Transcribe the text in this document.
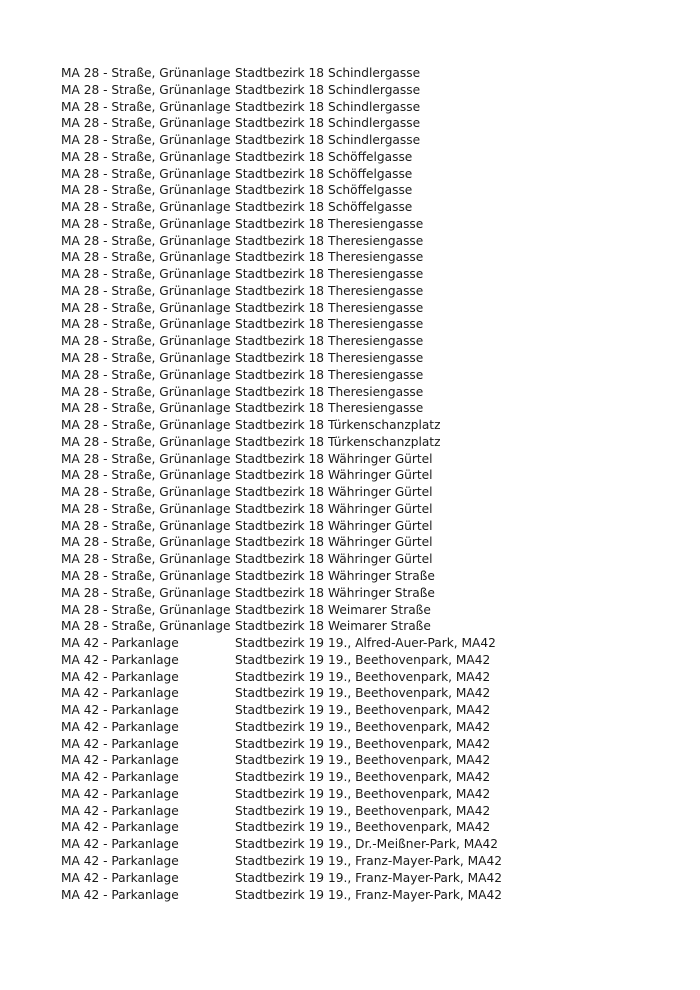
MA 28 - Straße, Grünanlage Stadtbezirk 18 Schindlergasse
MA 28 - Straße, Grünanlage Stadtbezirk 18 Schindlergasse
MA 28 - Straße, Grünanlage Stadtbezirk 18 Schindlergasse
MA 28 - Straße, Grünanlage Stadtbezirk 18 Schindlergasse
MA 28 - Straße, Grünanlage Stadtbezirk 18 Schindlergasse
MA 28 - Straße, Grünanlage Stadtbezirk 18 Schöffelgasse
MA 28 - Straße, Grünanlage Stadtbezirk 18 Schöffelgasse
MA 28 - Straße, Grünanlage Stadtbezirk 18 Schöffelgasse
MA 28 - Straße, Grünanlage Stadtbezirk 18 Schöffelgasse
MA 28 - Straße, Grünanlage Stadtbezirk 18 Theresiengasse
MA 28 - Straße, Grünanlage Stadtbezirk 18 Theresiengasse
MA 28 - Straße, Grünanlage Stadtbezirk 18 Theresiengasse
MA 28 - Straße, Grünanlage Stadtbezirk 18 Theresiengasse
MA 28 - Straße, Grünanlage Stadtbezirk 18 Theresiengasse
MA 28 - Straße, Grünanlage Stadtbezirk 18 Theresiengasse
MA 28 - Straße, Grünanlage Stadtbezirk 18 Theresiengasse
MA 28 - Straße, Grünanlage Stadtbezirk 18 Theresiengasse
MA 28 - Straße, Grünanlage Stadtbezirk 18 Theresiengasse
MA 28 - Straße, Grünanlage Stadtbezirk 18 Theresiengasse
MA 28 - Straße, Grünanlage Stadtbezirk 18 Theresiengasse
MA 28 - Straße, Grünanlage Stadtbezirk 18 Theresiengasse
MA 28 - Straße, Grünanlage Stadtbezirk 18 Türkenschanzplatz
MA 28 - Straße, Grünanlage Stadtbezirk 18 Türkenschanzplatz
MA 28 - Straße, Grünanlage Stadtbezirk 18 Währinger Gürtel
MA 28 - Straße, Grünanlage Stadtbezirk 18 Währinger Gürtel
MA 28 - Straße, Grünanlage Stadtbezirk 18 Währinger Gürtel
MA 28 - Straße, Grünanlage Stadtbezirk 18 Währinger Gürtel
MA 28 - Straße, Grünanlage Stadtbezirk 18 Währinger Gürtel
MA 28 - Straße, Grünanlage Stadtbezirk 18 Währinger Gürtel
MA 28 - Straße, Grünanlage Stadtbezirk 18 Währinger Gürtel
MA 28 - Straße, Grünanlage Stadtbezirk 18 Währinger Straße
MA 28 - Straße, Grünanlage Stadtbezirk 18 Währinger Straße
MA 28 - Straße, Grünanlage Stadtbezirk 18 Weimarer Straße
MA 28 - Straße, Grünanlage Stadtbezirk 18 Weimarer Straße
MA 42 - Parkanlage	Stadtbezirk 19 19., Alfred-Auer-Park, MA42
MA 42 - Parkanlage	Stadtbezirk 19 19., Beethovenpark, MA42
MA 42 - Parkanlage	Stadtbezirk 19 19., Beethovenpark, MA42
MA 42 - Parkanlage	Stadtbezirk 19 19., Beethovenpark, MA42
MA 42 - Parkanlage	Stadtbezirk 19 19., Beethovenpark, MA42
MA 42 - Parkanlage	Stadtbezirk 19 19., Beethovenpark, MA42
MA 42 - Parkanlage	Stadtbezirk 19 19., Beethovenpark, MA42
MA 42 - Parkanlage	Stadtbezirk 19 19., Beethovenpark, MA42
MA 42 - Parkanlage	Stadtbezirk 19 19., Beethovenpark, MA42
MA 42 - Parkanlage	Stadtbezirk 19 19., Beethovenpark, MA42
MA 42 - Parkanlage	Stadtbezirk 19 19., Beethovenpark, MA42
MA 42 - Parkanlage	Stadtbezirk 19 19., Beethovenpark, MA42
MA 42 - Parkanlage	Stadtbezirk 19 19., Dr.-Meißner-Park, MA42
MA 42 - Parkanlage	Stadtbezirk 19 19., Franz-Mayer-Park, MA42
MA 42 - Parkanlage	Stadtbezirk 19 19., Franz-Mayer-Park, MA42
MA 42 - Parkanlage	Stadtbezirk 19 19., Franz-Mayer-Park, MA42
